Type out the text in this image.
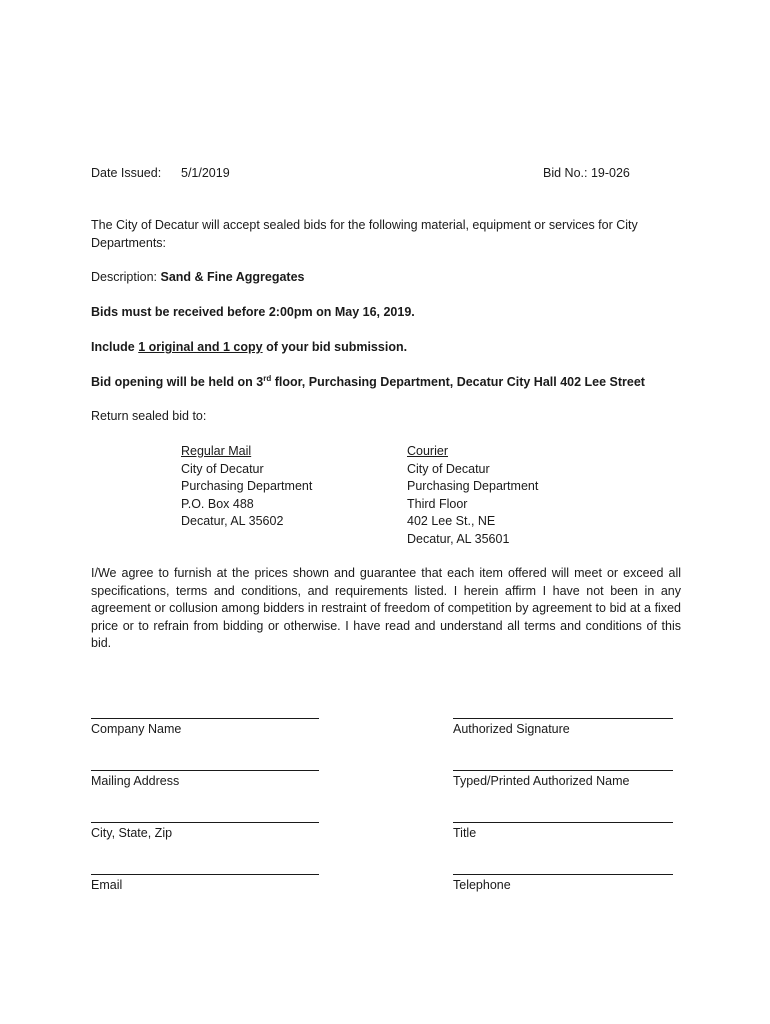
Date Issued: 5/1/2019	Bid No.: 19-026
The City of Decatur will accept sealed bids for the following material, equipment or services for City Departments:
Description: Sand & Fine Aggregates
Bids must be received before 2:00pm on May 16, 2019.
Include 1 original and 1 copy of your bid submission.
Bid opening will be held on 3rd floor, Purchasing Department, Decatur City Hall 402 Lee Street
Return sealed bid to:
Regular Mail
City of Decatur
Purchasing Department
P.O. Box 488
Decatur, AL 35602
Courier
City of Decatur
Purchasing Department
Third Floor
402 Lee St., NE
Decatur, AL 35601
I/We agree to furnish at the prices shown and guarantee that each item offered will meet or exceed all specifications, terms and conditions, and requirements listed. I herein affirm I have not been in any agreement or collusion among bidders in restraint of freedom of competition by agreement to bid at a fixed price or to refrain from bidding or otherwise. I have read and understand all terms and conditions of this bid.
Company Name
Mailing Address
City, State, Zip
Email
Authorized Signature
Typed/Printed Authorized Name
Title
Telephone
